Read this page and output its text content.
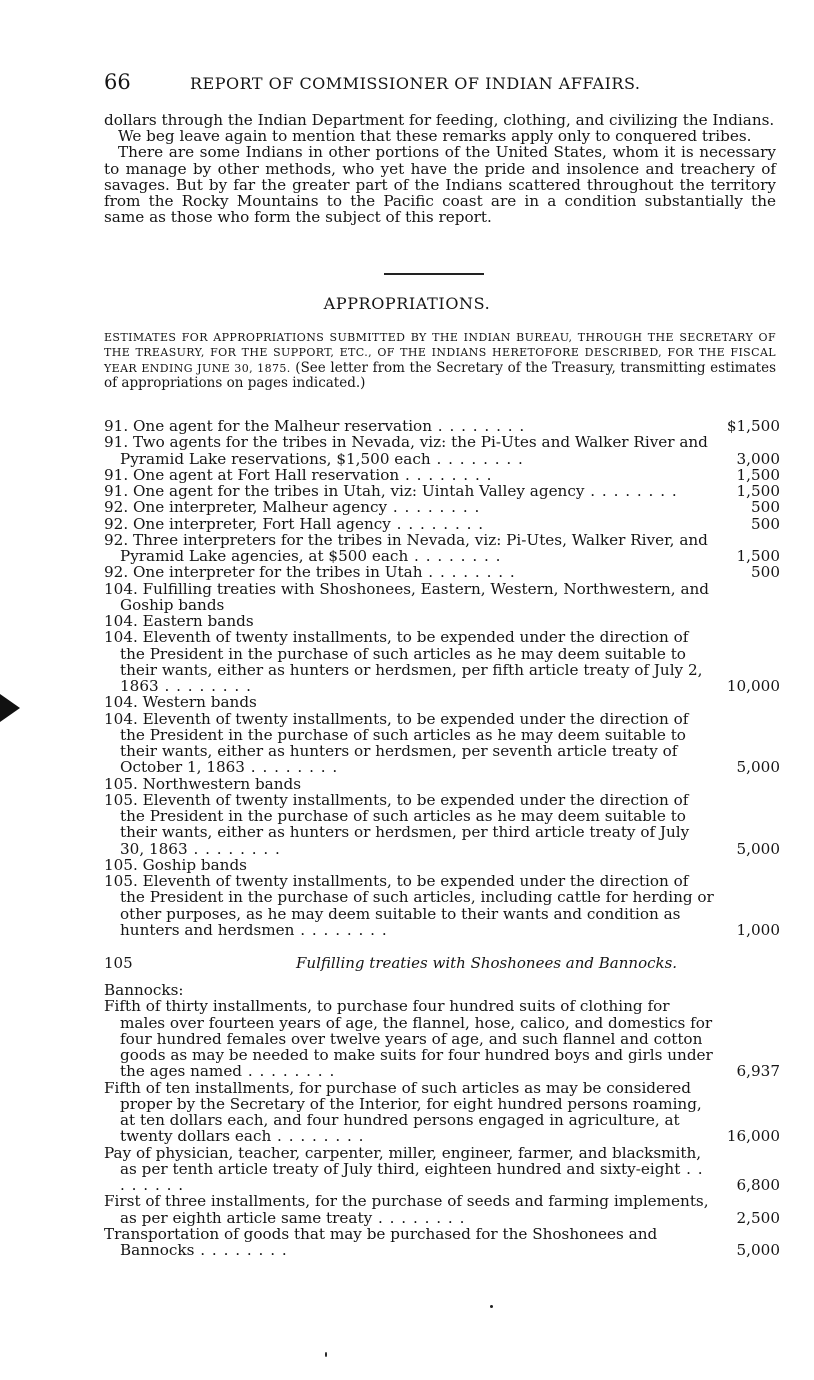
66	REPORT OF COMMISSIONER OF INDIAN AFFAIRS.

dollars through the Indian Department for feeding, clothing, and civilizing the Indians.

We beg leave again to mention that these remarks apply only to conquered tribes.

There are some Indians in other portions of the United States, whom it is necessary to manage by other methods, who yet have the pride and insolence and treachery of savages. But by far the greater part of the Indians scattered throughout the territory from the Rocky Mountains to the Pacific coast are in a condition substantially the same as those who form the subject of this report.

APPROPRIATIONS.
ESTIMATES FOR APPROPRIATIONS SUBMITTED BY THE INDIAN BUREAU, THROUGH THE SECRETARY OF THE TREASURY, FOR THE SUPPORT, ETC., OF THE INDIANS HERETOFORE DESCRIBED, FOR THE FISCAL YEAR ENDING JUNE 30, 1875. (See letter from the Secretary of the Treasury, transmitting estimates of appropriations on pages indicated.)
91. One agent for the Malheur reservation . . . . . . . .	$1,500
91. Two agents for the tribes in Nevada, viz: the Pi-Utes and Walker River and Pyramid Lake reservations, $1,500 each . . . . . . . .	3,000
91. One agent at Fort Hall reservation . . . . . . . .	1,500
91. One agent for the tribes in Utah, viz: Uintah Valley agency . . . . . . . .	1,500
92. One interpreter, Malheur agency . . . . . . . .	500
92. One interpreter, Fort Hall agency . . . . . . . .	500
92. Three interpreters for the tribes in Nevada, viz: Pi-Utes, Walker River, and Pyramid Lake agencies, at $500 each . . . . . . . .	1,500
92. One interpreter for the tribes in Utah . . . . . . . .	500
104. Fulfilling treaties with Shoshonees, Eastern, Western, Northwestern, and Goship bands
104. Eastern bands
104. Eleventh of twenty installments, to be expended under the direction of the President in the purchase of such articles as he may deem suitable to their wants, either as hunters or herdsmen, per fifth article treaty of July 2, 1863 . . . . . . . .	10,000
104. Western bands
104. Eleventh of twenty installments, to be expended under the direction of the President in the purchase of such articles as he may deem suitable to their wants, either as hunters or herdsmen, per seventh article treaty of October 1, 1863 . . . . . . . .	5,000
105. Northwestern bands
105. Eleventh of twenty installments, to be expended under the direction of the President in the purchase of such articles as he may deem suitable to their wants, either as hunters or herdsmen, per third article treaty of July 30, 1863 . . . . . . . .	5,000
105. Goship bands
105. Eleventh of twenty installments, to be expended under the direction of the President in the purchase of such articles, including cattle for herding or other purposes, as he may deem suitable to their wants and condition as hunters and herdsmen . . . . . . . .	1,000
105	Fulfilling treaties with Shoshonees and Bannocks.
Bannocks:
Fifth of thirty installments, to purchase four hundred suits of clothing for males over fourteen years of age, the flannel, hose, calico, and domestics for four hundred females over twelve years of age, and such flannel and cotton goods as may be needed to make suits for four hundred boys and girls under the ages named . . . . . . . .	6,937
Fifth of ten installments, for purchase of such articles as may be considered proper by the Secretary of the Interior, for eight hundred persons roaming, at ten dollars each, and four hundred persons engaged in agriculture, at twenty dollars each . . . . . . . .	16,000
Pay of physician, teacher, carpenter, miller, engineer, farmer, and blacksmith, as per tenth article treaty of July third, eighteen hundred and sixty-eight . . . . . . . .	6,800
First of three installments, for the purchase of seeds and farming implements, as per eighth article same treaty . . . . . . . .	2,500
Transportation of goods that may be purchased for the Shoshonees and Bannocks . . . . . . . .	5,000
